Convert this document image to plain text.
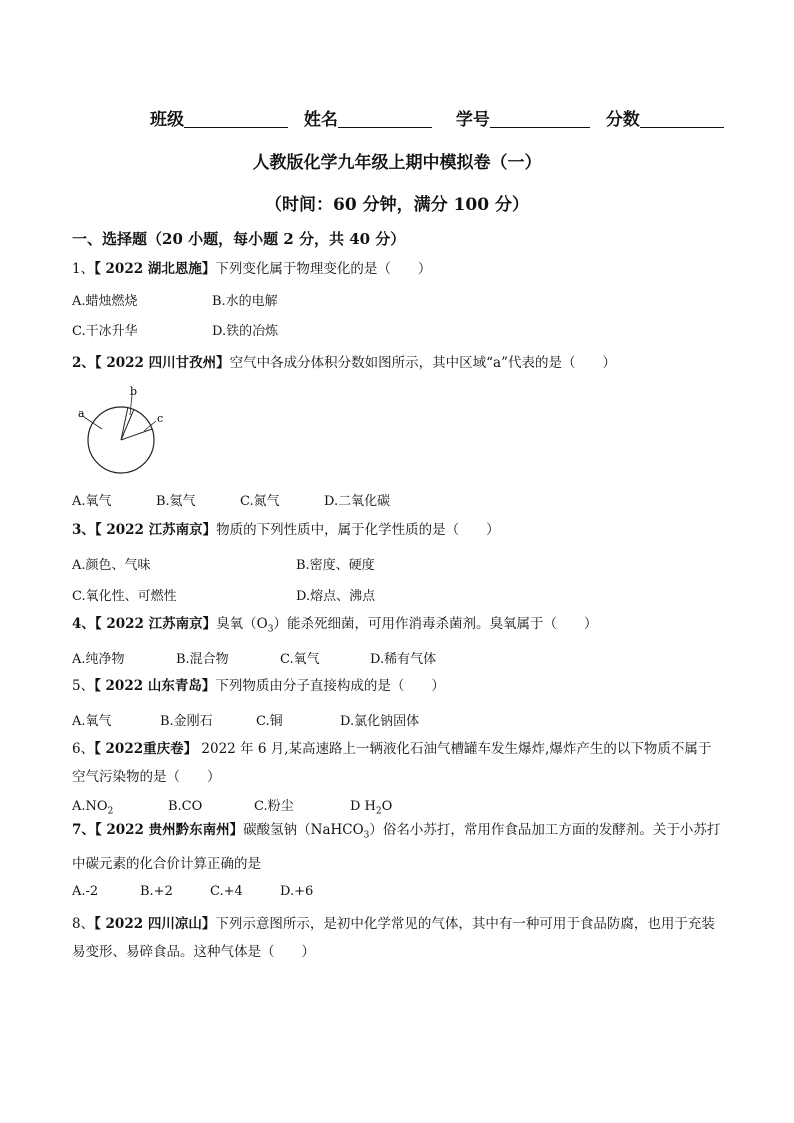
班级	姓名	学号	分数
人教版化学九年级上期中模拟卷（一）
（时间：60 分钟，满分 100 分）
一、选择题（20 小题，每小题 2 分，共 40 分）
1、【 2022 湖北恩施】下列变化属于物理变化的是（　　）
A.蜡烛燃烧	B.水的电解
C.干冰升华	D.铁的冶炼
2、【 2022 四川甘孜州】空气中各成分体积分数如图所示，其中区域“a”代表的是（　　）
a
b
c
A.氧气	B.氦气	C.氮气	D.二氧化碳
3、【 2022 江苏南京】物质的下列性质中，属于化学性质的是（　　）
A.颜色、气味	B.密度、硬度
C.氧化性、可燃性	D.熔点、沸点
4、【 2022 江苏南京】臭氧$(O_3)$能杀死细菌，可用作消毒杀菌剂。臭氧属于（　　）
A.纯净物	B.混合物	C.氧气	D.稀有气体
5、【 2022 山东青岛】下列物质由分子直接构成的是（　　）
A.氧气	B.金刚石	C.铜	D.氯化钠固体
6、【 2022重庆卷】 2022 年 6 月,某高速路上一辆液化石油气槽罐车发生爆炸,爆炸产生的以下物质不属于
空气污染物的是（　　）
$A.NO_2$	B.CO	C.粉尘	D $H_2O$
7、【 2022 贵州黔东南州】碳酸氢钠（NaHCO$_3$）俗名小苏打，常用作食品加工方面的发酵剂。关于小苏打
中碳元素的化合价计算正确的是
A.-2	B.+2	C.+4	D.+6
8、【 2022 四川凉山】下列示意图所示，是初中化学常见的气体，其中有一种可用于食品防腐，也用于充装
易变形、易碎食品。这种气体是（　　）
